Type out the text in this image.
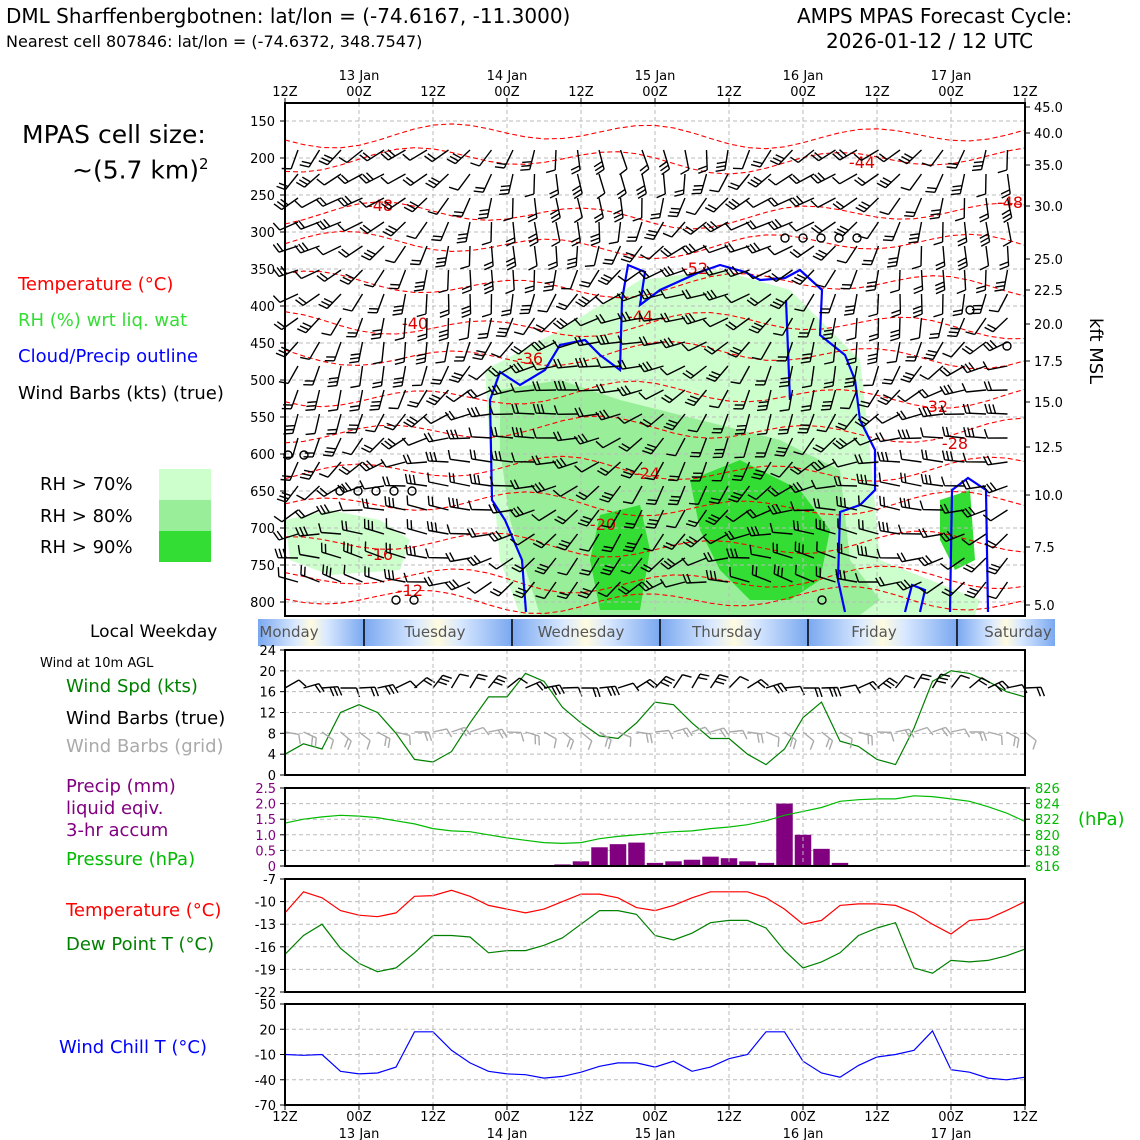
DML Sharffenbergbotnen: lat/lon = (-74.6167, -11.3000)
Nearest cell 807846: lat/lon = (-74.6372, 348.7547)
AMPS MPAS Forecast Cycle:
2026-01-12 / 12 UTC
MPAS cell size:
~(5.7 km)$^2$
Temperature (°C)
RH (%) wrt liq. wat
Cloud/Precip outline
Wind Barbs (kts) (true)
RH > 70%
RH > 80%
RH > 90%
kft MSL
Local Weekday
Wind at 10m AGL
Wind Spd (kts)
Wind Barbs (true)
Wind Barbs (grid)
Precip (mm)
liquid eqiv.
3-hr accum
Pressure (hPa)
(hPa)
Temperature (°C)
Dew Point T (°C)
Wind Chill T (°C)
-44
-48	-48
-52
-44
-40
-36
-32
-28
-24
-20
-16
-12
150
200
250
300
350
400
450
500
550
600
650
700
750
800
45.0
40.0
35.0
30.0
25.0
22.5
20.0
17.5
15.0
12.5
10.0
7.5
5.0
12Z	00Z
13 Jan
12Z	00Z
14 Jan
12Z	00Z
15 Jan
12Z	00Z
16 Jan
12Z	00Z
17 Jan
12Z
Monday	Tuesday	Wednesday	Thursday	Friday	Saturday
24
20
16
12
8
4
0
2.5
2.0
1.5
1.0
0.5
0
826
824
822
820
818
816
-7
-10
-13
-16
-19
-22
50
20
-10
-40
-70
12Z	00Z
13 Jan
12Z	00Z
14 Jan
12Z	00Z
15 Jan
12Z	00Z
16 Jan
12Z	00Z
17 Jan
12Z
